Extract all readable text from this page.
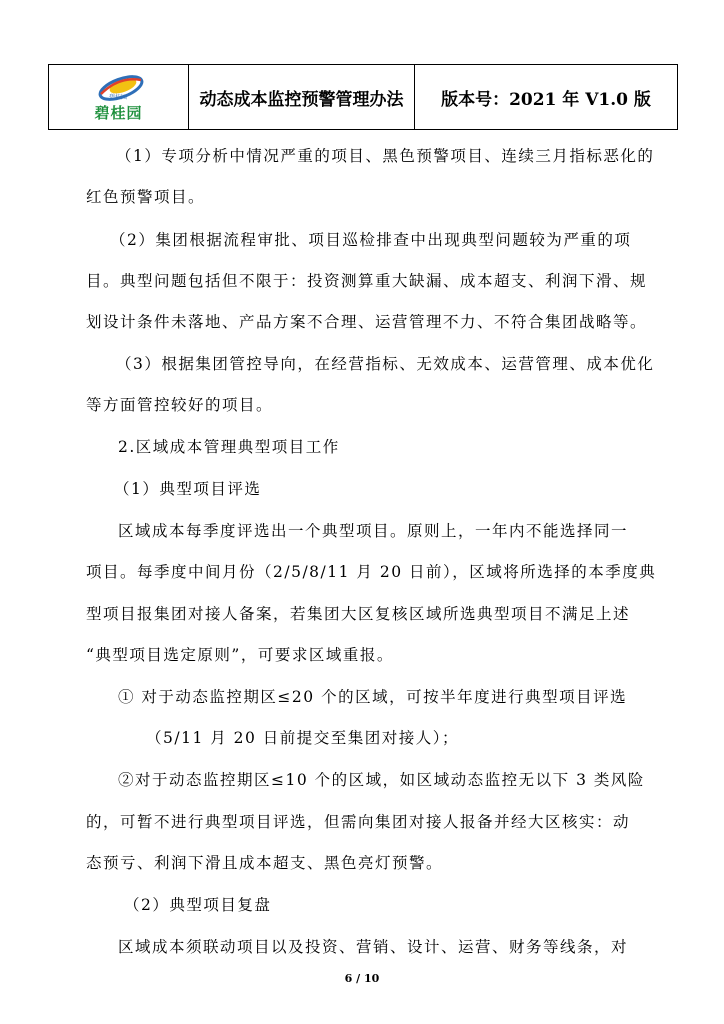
碧桂园
碧桂园
动态成本监控预警管理办法	版本号：2021 年 V1.0 版
（1）专项分析中情况严重的项目、黑色预警项目、连续三月指标恶化的
红色预警项目。
（2）集团根据流程审批、项目巡检排查中出现典型问题较为严重的项
目。典型问题包括但不限于：投资测算重大缺漏、成本超支、利润下滑、规
划设计条件未落地、产品方案不合理、运营管理不力、不符合集团战略等。
（3）根据集团管控导向，在经营指标、无效成本、运营管理、成本优化
等方面管控较好的项目。
2.区域成本管理典型项目工作
（1）典型项目评选
区域成本每季度评选出一个典型项目。原则上，一年内不能选择同一
项目。每季度中间月份（2/5/8/11 月 20 日前），区域将所选择的本季度典
型项目报集团对接人备案，若集团大区复核区域所选典型项目不满足上述
“典型项目选定原则”，可要求区域重报。
① 对于动态监控期区≤20 个的区域，可按半年度进行典型项目评选
（5/11 月 20 日前提交至集团对接人）；
②对于动态监控期区≤10 个的区域，如区域动态监控无以下 3 类风险
的，可暂不进行典型项目评选，但需向集团对接人报备并经大区核实：动
态预亏、利润下滑且成本超支、黑色亮灯预警。
（2）典型项目复盘
区域成本须联动项目以及投资、营销、设计、运营、财务等线条，对
6 / 10
